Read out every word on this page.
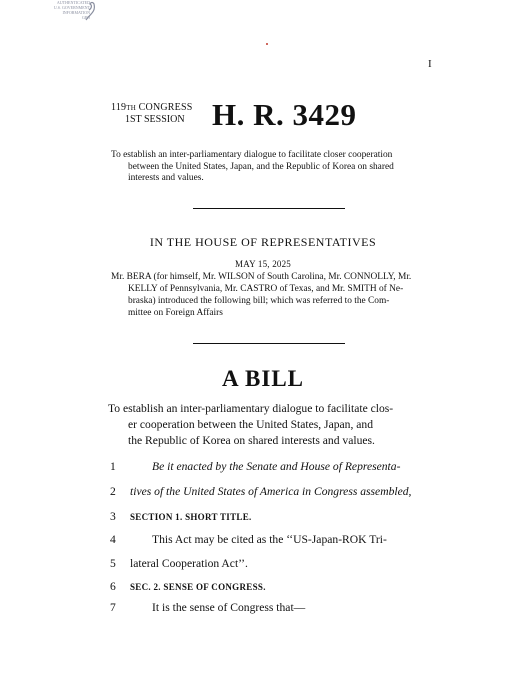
AUTHENTICATED
U.S. GOVERNMENT
INFORMATION
GPO
I
119TH CONGRESS
1ST SESSION H. R. 3429
To establish an inter-parliamentary dialogue to facilitate closer cooperation
between the United States, Japan, and the Republic of Korea on shared
interests and values.
IN THE HOUSE OF REPRESENTATIVES
MAY 15, 2025
Mr. BERA (for himself, Mr. WILSON of South Carolina, Mr. CONNOLLY, Mr.
KELLY of Pennsylvania, Mr. CASTRO of Texas, and Mr. SMITH of Ne-
braska) introduced the following bill; which was referred to the Com-
mittee on Foreign Affairs
A BILL
To establish an inter-parliamentary dialogue to facilitate clos-
er cooperation between the United States, Japan, and
the Republic of Korea on shared interests and values.
1	Be it enacted by the Senate and House of Representa-
2	tives of the United States of America in Congress assembled,
3	SECTION 1. SHORT TITLE.
4	This Act may be cited as the ‘‘US-Japan-ROK Tri-
5	lateral Cooperation Act’’.
6	SEC. 2. SENSE OF CONGRESS.
7	It is the sense of Congress that—
